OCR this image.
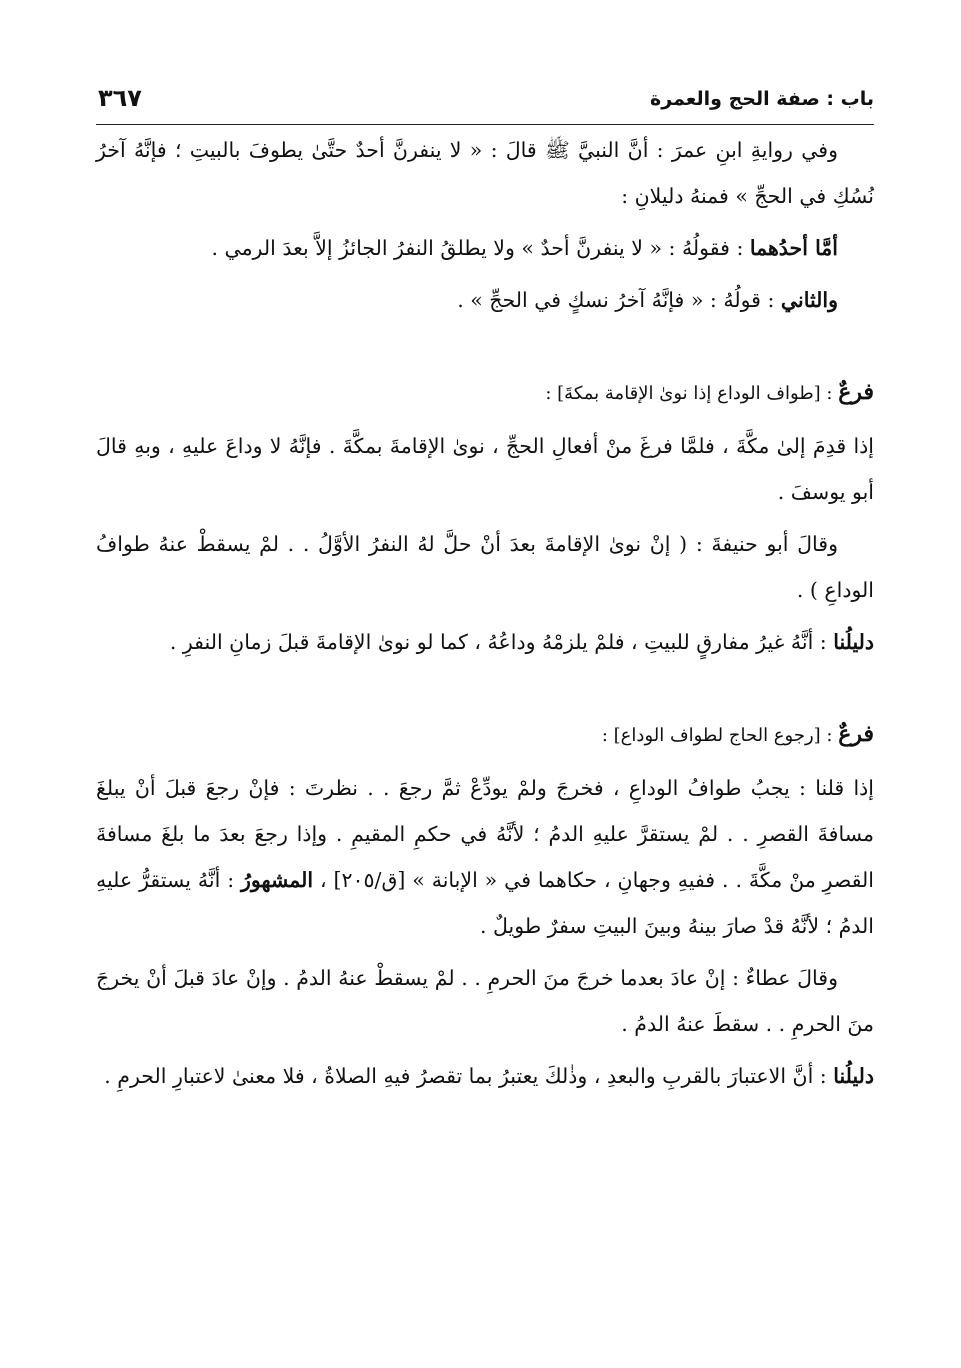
باب : صفة الحج والعمرة
٣٦٧

وفي روايةِ ابنِ عمرَ : أنَّ النبيَّ ﷺ قالَ : « لا ينفرنَّ أحدٌ حتَّىٰ يطوفَ بالبيتِ ؛ فإنَّهُ آخرُ نُسُكِ في الحجِّ » فمنهُ دليلانِ :

أمَّا أحدُهما : فقولُهُ : « لا ينفرنَّ أحدٌ » ولا يطلقُ النفرُ الجائزُ إلاَّ بعدَ الرمي .

والثاني : قولُهُ : « فإنَّهُ آخرُ نسكٍ في الحجِّ » .

فرعٌ : [طواف الوداع إذا نوىٰ الإقامة بمكةَ] :

إذا قدِمَ إلىٰ مكَّةَ ، فلمَّا فرغَ منْ أفعالِ الحجِّ ، نوىٰ الإقامةَ بمكَّةَ . فإنَّهُ لا وداعَ عليهِ ، وبهِ قالَ أبو يوسفَ .

وقالَ أبو حنيفةَ : ( إنْ نوىٰ الإقامةَ بعدَ أنْ حلَّ لهُ النفرُ الأوَّلُ . . لمْ يسقطْ عنهُ طوافُ الوداعِ ) .

دليلُنا : أنَّهُ غيرُ مفارقٍ للبيتِ ، فلمْ يلزمْهُ وداعُهُ ، كما لو نوىٰ الإقامةَ قبلَ زمانِ النفرِ .

فرعٌ : [رجوع الحاج لطواف الوداع] :

إذا قلنا : يجبُ طوافُ الوداعِ ، فخرجَ ولمْ يودِّعْ ثمَّ رجعَ . . نظرتَ : فإنْ رجعَ قبلَ أنْ يبلغَ مسافةَ القصرِ . . لمْ يستقرَّ عليهِ الدمُ ؛ لأنَّهُ في حكمِ المقيمِ . وإذا رجعَ بعدَ ما بلغَ مسافةَ القصرِ منْ مكَّةَ . . ففيهِ وجهانِ ، حكاهما في « الإبانة » [ق/٢٠٥] ، المشهورُ : أنَّهُ يستقرُّ عليهِ الدمُ ؛ لأنَّهُ قدْ صارَ بينهُ وبينَ البيتِ سفرٌ طويلٌ .

وقالَ عطاءٌ : إنْ عادَ بعدما خرجَ منَ الحرمِ . . لمْ يسقطْ عنهُ الدمُ . وإنْ عادَ قبلَ أنْ يخرجَ منَ الحرمِ . . سقطَ عنهُ الدمُ .

دليلُنا : أنَّ الاعتبارَ بالقربِ والبعدِ ، وذٰلكَ يعتبرُ بما تقصرُ فيهِ الصلاةُ ، فلا معنىٰ لاعتبارِ الحرمِ .
